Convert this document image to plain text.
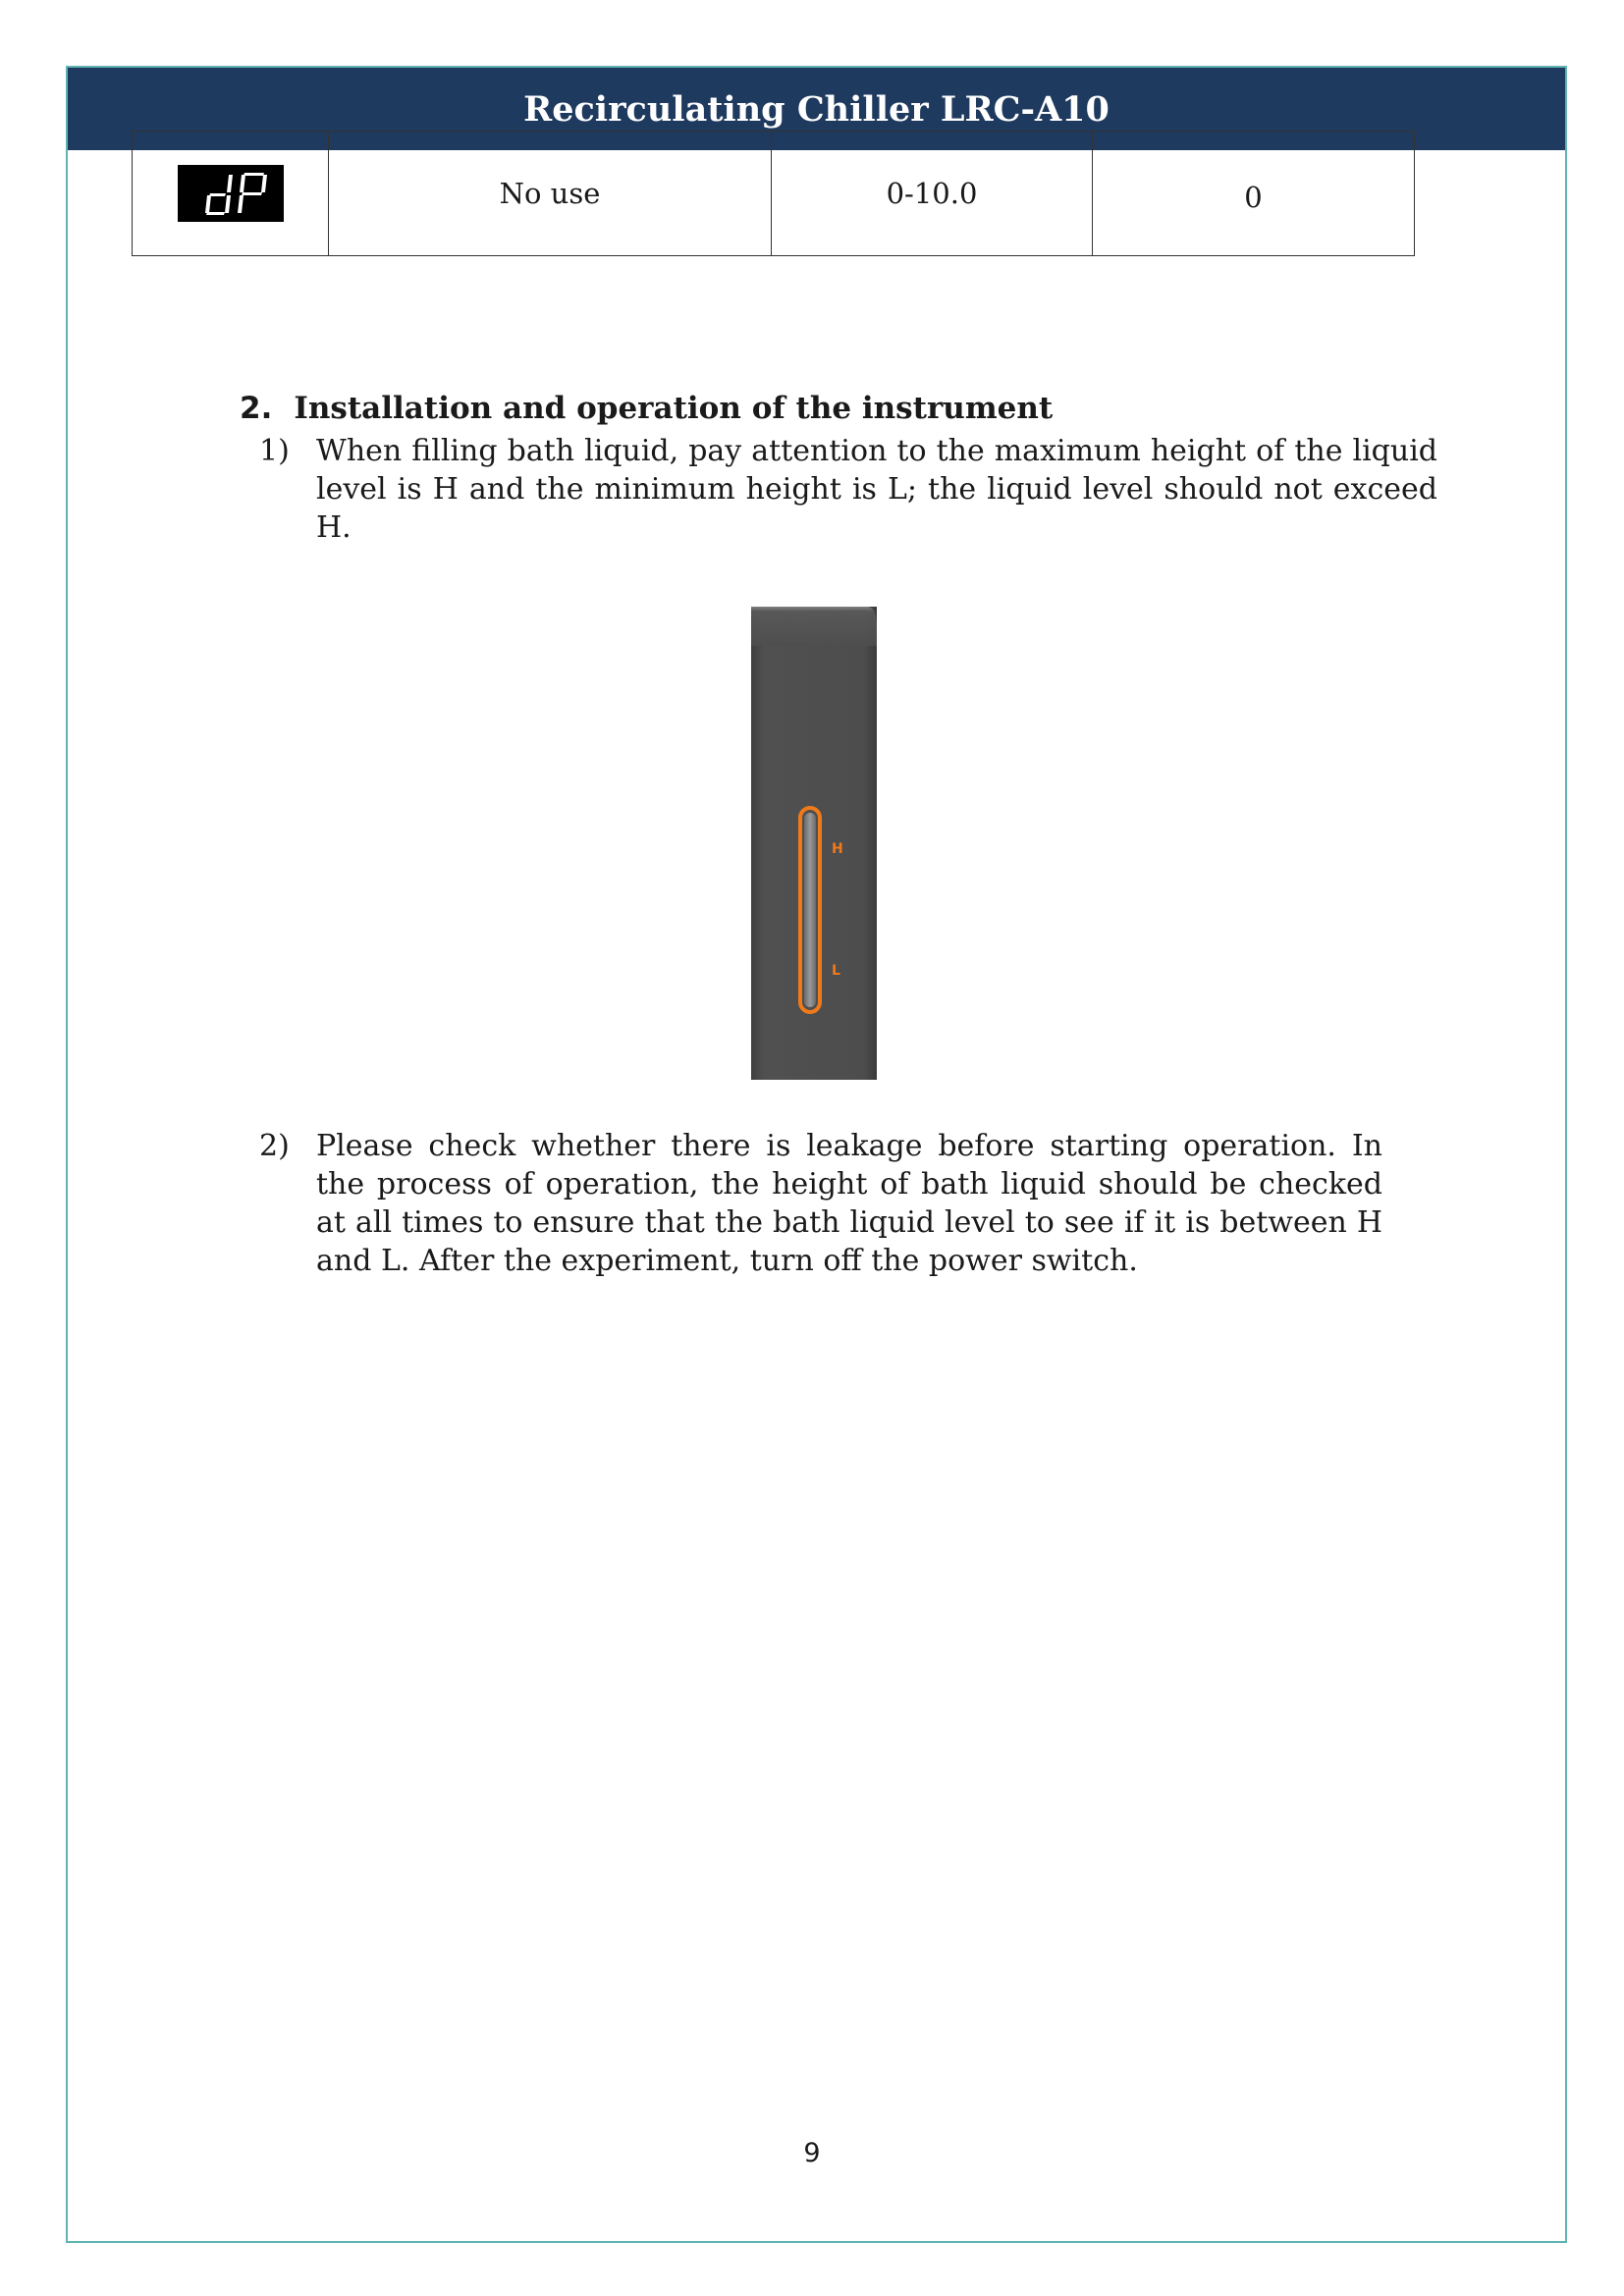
Recirculating Chiller LRC-A10
	No use	0-10.0	0
2. Installation and operation of the instrument
1) When filling bath liquid, pay attention to the maximum height of the liquid level is H and the minimum height is L; the liquid level should not exceed H.
H
L
2) Please check whether there is leakage before starting operation. In the process of operation, the height of bath liquid should be checked at all times to ensure that the bath liquid level to see if it is between H and L. After the experiment, turn off the power switch.
9
